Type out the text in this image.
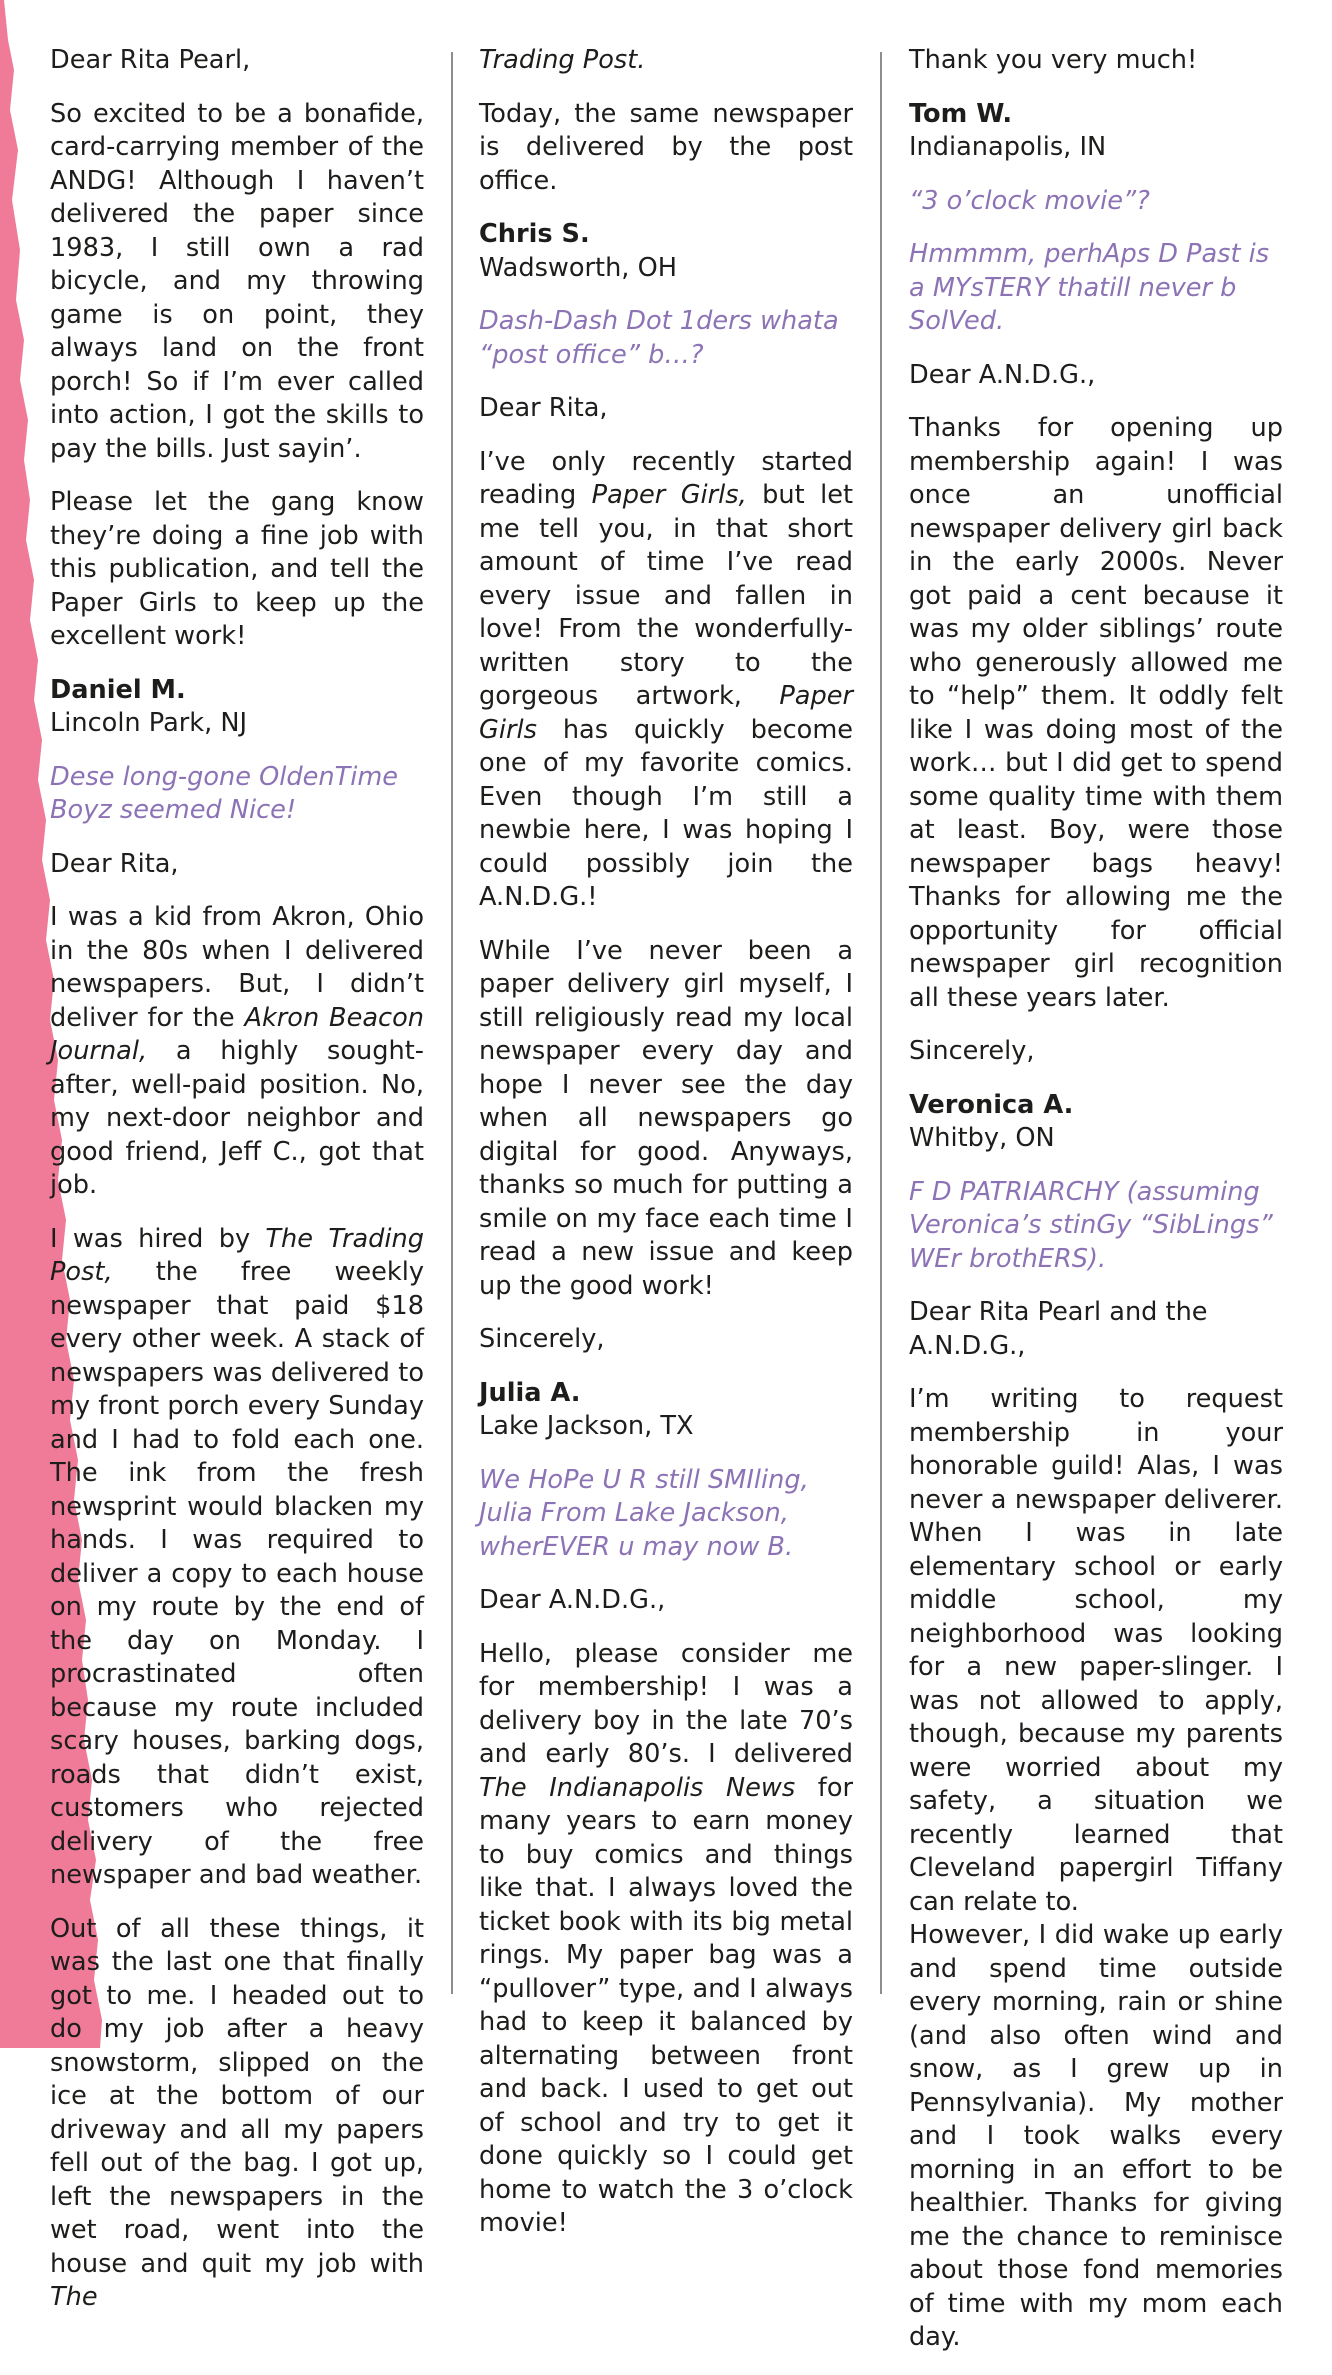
Dear Rita Pearl,

So excited to be a bonafide, card-carrying member of the ANDG! Although I haven’t delivered the paper since 1983, I still own a rad bicycle, and my throwing game is on point, they always land on the front porch! So if I’m ever called into action, I got the skills to pay the bills. Just sayin’.

Please let the gang know they’re doing a fine job with this publication, and tell the Paper Girls to keep up the excellent work!

Daniel M.

Lincoln Park, NJ

Dese long-gone OldenTime Boyz seemed Nice!

Dear Rita,

I was a kid from Akron, Ohio in the 80s when I delivered newspapers. But, I didn’t deliver for the Akron Beacon Journal, a highly sought-after, well-paid position. No, my next-door neighbor and good friend, Jeff C., got that job.

I was hired by The Trading Post, the free weekly newspaper that paid $18 every other week. A stack of newspapers was delivered to my front porch every Sunday and I had to fold each one. The ink from the fresh newsprint would blacken my hands. I was required to deliver a copy to each house on my route by the end of the day on Monday. I procrastinated often because my route included scary houses, barking dogs, roads that didn’t exist, customers who rejected delivery of the free newspaper and bad weather.

Out of all these things, it was the last one that finally got to me. I headed out to do my job after a heavy snowstorm, slipped on the ice at the bottom of our driveway and all my papers fell out of the bag. I got up, left the newspapers in the wet road, went into the house and quit my job with The

Trading Post.

Today, the same newspaper is delivered by the post office.

Chris S.

Wadsworth, OH

Dash-Dash Dot 1ders whata “post office” b…?

Dear Rita,

I’ve only recently started reading Paper Girls, but let me tell you, in that short amount of time I’ve read every issue and fallen in love! From the wonderfully-written story to the gorgeous artwork, Paper Girls has quickly become one of my favorite comics. Even though I’m still a newbie here, I was hoping I could possibly join the A.N.D.G.!

While I’ve never been a paper delivery girl myself, I still religiously read my local newspaper every day and hope I never see the day when all newspapers go digital for good. Anyways, thanks so much for putting a smile on my face each time I read a new issue and keep up the good work!

Sincerely,

Julia A.

Lake Jackson, TX

We HoPe U R still SMIling, Julia From Lake Jackson, wherEVER u may now B.

Dear A.N.D.G.,

Hello, please consider me for membership! I was a delivery boy in the late 70’s and early 80’s. I delivered The Indianapolis News for many years to earn money to buy comics and things like that. I always loved the ticket book with its big metal rings. My paper bag was a “pullover” type, and I always had to keep it balanced by alternating between front and back. I used to get out of school and try to get it done quickly so I could get home to watch the 3 o’clock movie!

Thank you very much!

Tom W.

Indianapolis, IN

“3 o’clock movie”?

Hmmmm, perhAps D Past is a MYsTERY thatill never b SolVed.

Dear A.N.D.G.,

Thanks for opening up membership again! I was once an unofficial newspaper delivery girl back in the early 2000s. Never got paid a cent because it was my older siblings’ route who generously allowed me to “help” them. It oddly felt like I was doing most of the work… but I did get to spend some quality time with them at least. Boy, were those newspaper bags heavy! Thanks for allowing me the opportunity for official newspaper girl recognition all these years later.

Sincerely,

Veronica A.

Whitby, ON

F D PATRIARCHY (assuming Veronica’s stinGy “SibLings” WEr brothERS).

Dear Rita Pearl and the A.N.D.G.,

I’m writing to request membership in your honorable guild! Alas, I was never a newspaper deliverer. When I was in late elementary school or early middle school, my neighborhood was looking for a new paper-slinger. I was not allowed to apply, though, because my parents were worried about my safety, a situation we recently learned that Cleveland papergirl Tiffany can relate to.

However, I did wake up early and spend time outside every morning, rain or shine (and also often wind and snow, as I grew up in Pennsylvania). My mother and I took walks every morning in an effort to be healthier. Thanks for giving me the chance to reminisce about those fond memories of time with my mom each day.
